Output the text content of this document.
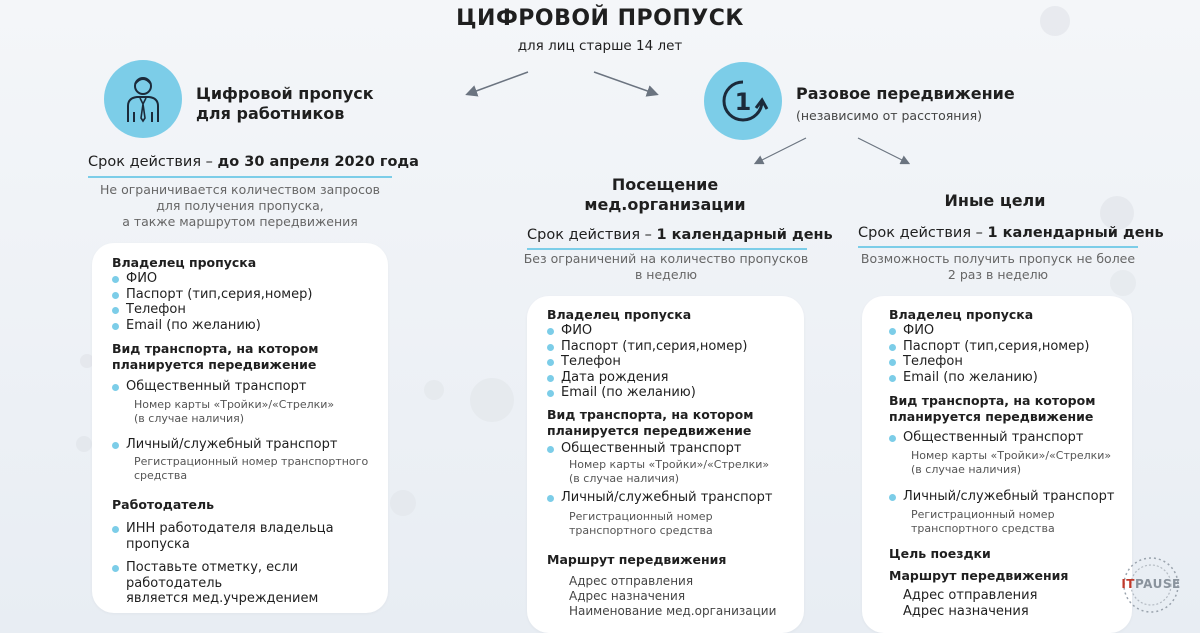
ЦИФРОВОЙ ПРОПУСК
для лиц старше 14 лет
Цифровой пропуск
для работников
Срок действия – до 30 апреля 2020 года
Не ограничивается количеством запросов
для получения пропуска,
а также маршрутом передвижения
Владелец пропуска
ФИО
Паспорт (тип,серия,номер)
Телефон
Email (по желанию)
Вид транспорта, на котором
планируется передвижение
Общественный транспорт
Номер карты «Тройки»/«Стрелки»
(в случае наличия)
Личный/служебный транспорт
Регистрационный номер транспортного
средства
Работодатель
ИНН работодателя владельца пропуска
Поставьте отметку, если работодатель
является мед.учреждением
1	Разовое передвижение
(независимо от расстояния)
Посещение
мед.организации
Срок действия – 1 календарный день
Без ограничений на количество пропусков
в неделю
Владелец пропуска
ФИО
Паспорт (тип,серия,номер)
Телефон
Дата рождения
Email (по желанию)
Вид транспорта, на котором
планируется передвижение
Общественный транспорт
Номер карты «Тройки»/«Стрелки»
(в случае наличия)
Личный/служебный транспорт
Регистрационный номер
транспортного средства
Маршрут передвижения
Адрес отправления
Адрес назначения
Наименование мед.организации
Иные цели
Срок действия – 1 календарный день
Возможность получить пропуск не более
2 раз в неделю
Владелец пропуска
ФИО
Паспорт (тип,серия,номер)
Телефон
Email (по желанию)
Вид транспорта, на котором
планируется передвижение
Общественный транспорт
Номер карты «Тройки»/«Стрелки»
(в случае наличия)
Личный/служебный транспорт
Регистрационный номер
транспортного средства
Цель поездки
Маршрут передвижения
Адрес отправления
Адрес назначения
ITPAUSE
